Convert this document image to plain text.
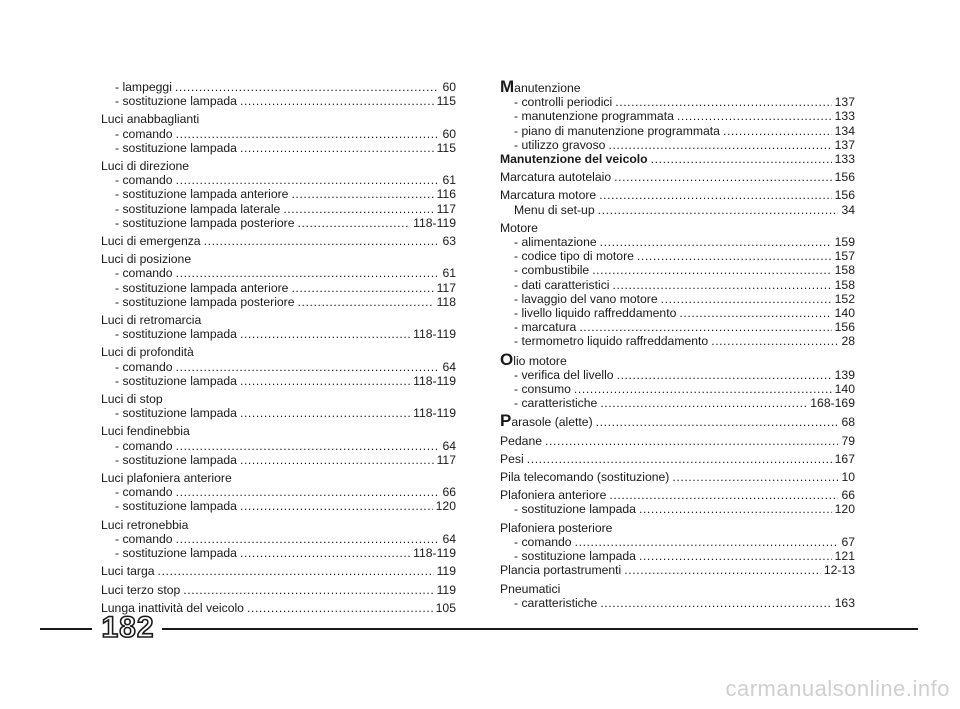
- lampeggi .....	60
- sostituzione lampada .....	115
Luci anabbaglianti
- comando .....	60
- sostituzione lampada .....	115
Luci di direzione
- comando .....	61
- sostituzione lampada anteriore .....	116
- sostituzione lampada laterale .....	117
- sostituzione lampada posteriore .....	118-119
Luci di emergenza .....	63
Luci di posizione
- comando .....	61
- sostituzione lampada anteriore .....	117
- sostituzione lampada posteriore .....	118
Luci di retromarcia
- sostituzione lampada .....	118-119
Luci di profondità
- comando .....	64
- sostituzione lampada .....	118-119
Luci di stop
- sostituzione lampada .....	118-119
Luci fendinebbia
- comando .....	64
- sostituzione lampada .....	117
Luci plafoniera anteriore
- comando .....	66
- sostituzione lampada .....	120
Luci retronebbia
- comando .....	64
- sostituzione lampada .....	118-119
Luci targa .....	119
Luci terzo stop .....	119
Lunga inattività del veicolo .....	105
Manutenzione
- controlli periodici .....	137
- manutenzione programmata .....	133
- piano di manutenzione programmata .....	134
- utilizzo gravoso .....	137
Manutenzione del veicolo .....	133
Marcatura autotelaio .....	156
Marcatura motore .....	156
Menu di set-up .....	34
Motore
- alimentazione .....	159
- codice tipo di motore .....	157
- combustibile .....	158
- dati caratteristici .....	158
- lavaggio del vano motore .....	152
- livello liquido raffreddamento .....	140
- marcatura .....	156
- termometro liquido raffreddamento .....	28
Olio motore
- verifica del livello .....	139
- consumo .....	140
- caratteristiche .....	168-169
Parasole (alette) .....	68
Pedane .....	79
Pesi .....	167
Pila telecomando (sostituzione) .....	10
Plafoniera anteriore .....	66
- sostituzione lampada .....	120
Plafoniera posteriore
- comando .....	67
- sostituzione lampada .....	121
Plancia portastrumenti .....	12-13
Pneumatici
- caratteristiche .....	163
182
carmanualsonline.info
